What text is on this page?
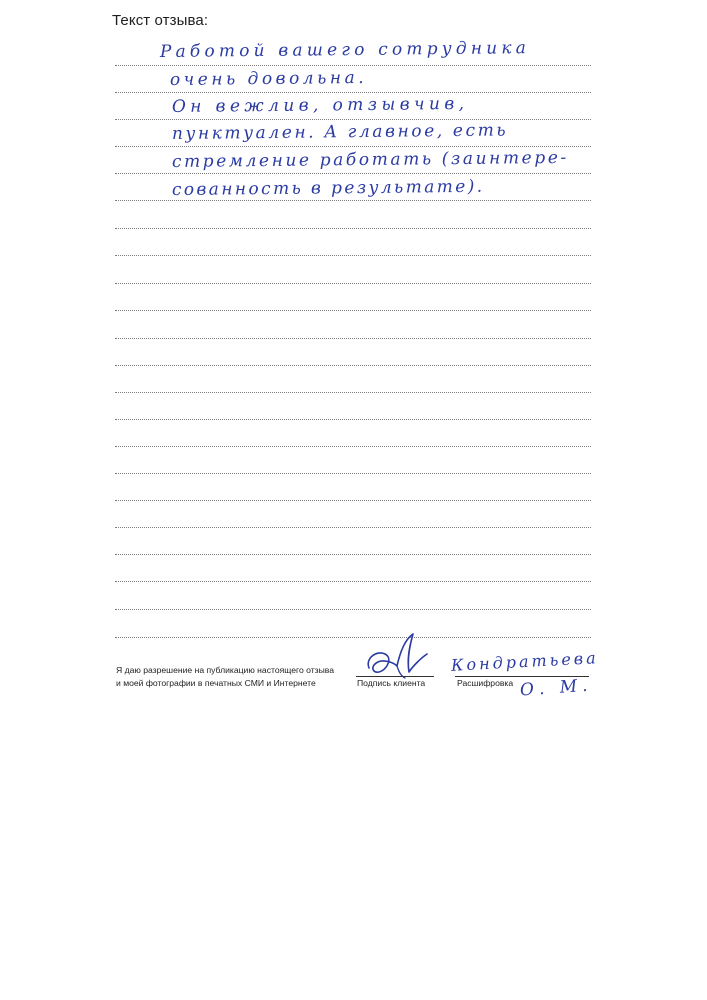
Текст отзыва:
Работой вашего сотрудника
очень довольна.
Он вежлив, отзывчив,
пунктуален. А главное, есть
стремление работать (заинтере-
сованность в результате).
Я даю разрешение на публикацию настоящего отзыва
и моей фотографии в печатных СМИ и Интернете	Подпись клиента
Кондратьева
Расшифровка О. М.
